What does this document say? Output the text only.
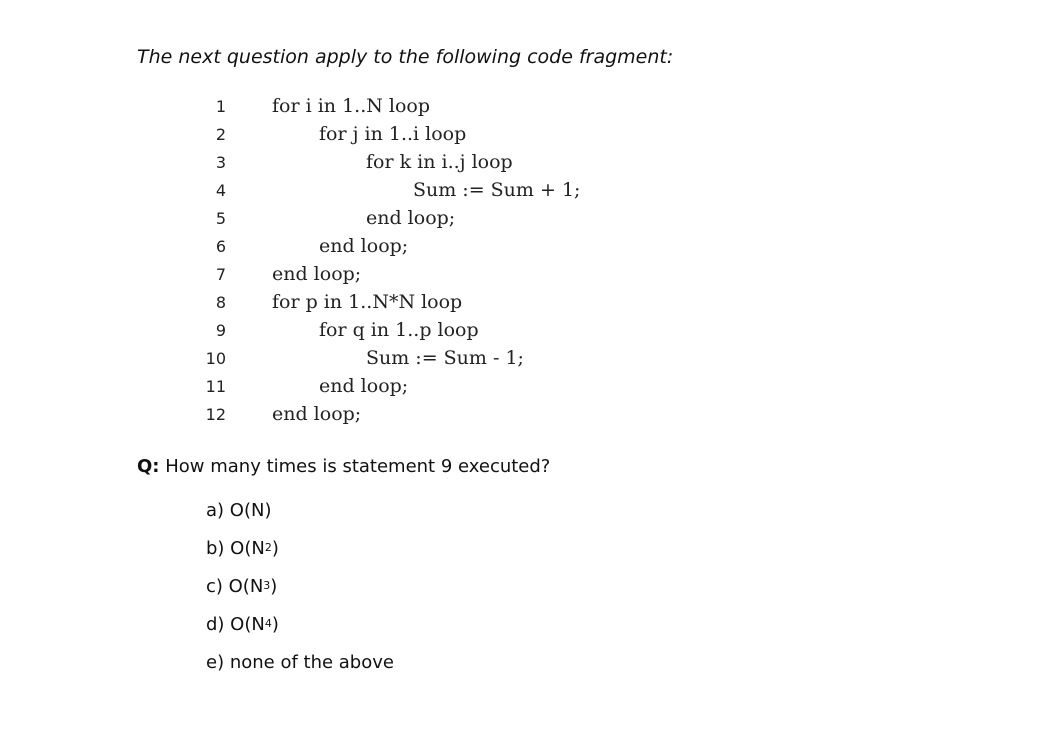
The next question apply to the following code fragment:

1 for i in 1..N loop
2	for j in 1..i loop
3	for k in i..j loop
4	Sum := Sum + 1;
5	end loop;
6	end loop;
7 end loop;
8 for p in 1..N*N loop
9	for q in 1..p loop
10	Sum := Sum - 1;
11	end loop;
12 end loop;

Q: How many times is statement 9 executed?

a) O(N )
b) O(N 2 )
c) O(N 3 )
d) O(N 4 )
e) none of the above
